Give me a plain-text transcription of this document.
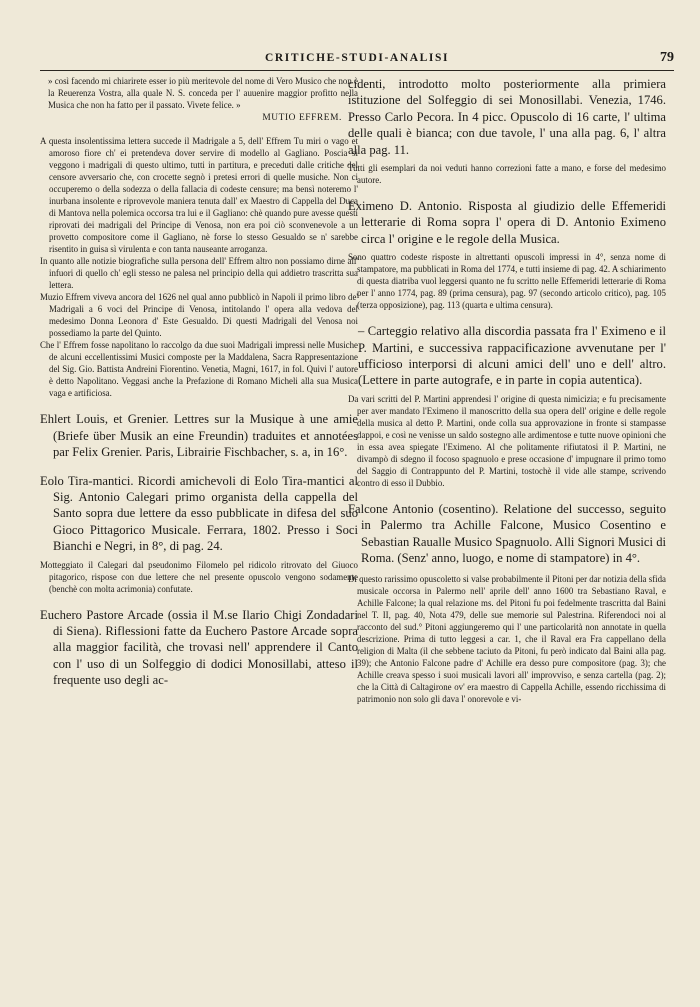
CRITICHE-STUDI-ANALISI	79

» così facendo mi chiarirete esser io più meritevole del nome di Vero Musico che non è la Reuerenza Vostra, alla quale N. S. conceda per l' auuenire maggior profitto nella Musica che non ha fatto per il passato. Vivete felice. »

MUTIO EFFREM.

A questa insolentissima lettera succede il Madrigale a 5, dell' Effrem Tu miri o vago et amoroso fiore ch' ei pretendeva dover servire di modello al Gagliano. Poscia si veggono i madrigali di questo ultimo, tutti in partitura, e preceduti dalle critiche del censore avversario che, con crocette segnò i pretesi errori di quelle musiche. Non ci occuperemo o della sodezza o della fallacia di codeste censure; ma bensì noteremo l' inurbana insolente e riprovevole maniera tenuta dall' ex Maestro di Cappella del Duca di Mantova nella polemica occorsa tra lui e il Gagliano: chè quando pure avesse questi riprovati dei madrigali del Principe di Venosa, non era poi ciò sconvenevole a un provetto compositore come il Gagliano, nè forse lo stesso Gesualdo se n' sarebbe risentito in guisa sì virulenta e con tanta nauseante arroganza.

In quanto alle notizie biografiche sulla persona dell' Effrem altro non possiamo dirne all' infuori di quello ch' egli stesso ne palesa nel principio della qui addietro trascritta sua lettera.

Muzio Effrem viveva ancora del 1626 nel qual anno pubblicò in Napoli il primo libro de' Madrigali a 6 voci del Principe di Venosa, intitolando l' opera alla vedova del medesimo Donna Leonora d' Este Gesualdo. Di questi Madrigali del Venosa noi possediamo la parte del Quinto.

Che l' Effrem fosse napolitano lo raccolgo da due suoi Madrigali impressi nelle Musiche de alcuni eccellentissimi Musici composte per la Maddalena, Sacra Rappresentazione del Sig. Gio. Battista Andreini Fiorentino. Venetia, Magni, 1617, in fol. Quivi l' autore è detto Napolitano. Veggasi anche la Prefazione di Romano Micheli alla sua Musica vaga e artificiosa.

Ehlert Louis, et Grenier. Lettres sur la Musique à une amie (Briefe über Musik an eine Freundin) traduites et annotées par Felix Grenier. Paris, Librairie Fischbacher, s. a, in 16°.

Eolo Tira-mantici. Ricordi amichevoli di Eolo Tira-mantici al Sig. Antonio Calegari primo organista della cappella del Santo sopra due lettere da esso pubblicate in difesa del suo Gioco Pittagorico Musicale. Ferrara, 1802. Presso i Soci Bianchi e Negri, in 8°, di pag. 24.

Motteggiato il Calegari dal pseudonimo Filomelo pel ridicolo ritrovato del Giuoco pitagorico, rispose con due lettere che nel presente opuscolo vengono sodamente (benchè con molta acrimonia) confutate.

Euchero Pastore Arcade (ossia il M.se Ilario Chigi Zondadari di Siena). Riflessioni fatte da Euchero Pastore Arcade sopra alla maggior facilità, che trovasi nell' apprendere il Canto con l' uso di un Solfeggio di dodici Monosillabi, atteso il frequente uso degli ac-

cidenti, introdotto molto posteriormente alla primiera istituzione del Solfeggio di sei Monosillabi. Venezia, 1746. Presso Carlo Pecora. In 4 picc. Opuscolo di 16 carte, l' ultima delle quali è bianca; con due tavole, l' una alla pag. 6, l' altra alla pag. 11.

Tutti gli esemplari da noi veduti hanno correzioni fatte a mano, e forse del medesimo autore.

Eximeno D. Antonio. Risposta al giudizio delle Effemeridi letterarie di Roma sopra l' opera di D. Antonio Eximeno circa l' origine e le regole della Musica.

Sono quattro codeste risposte in altrettanti opuscoli impressi in 4°, senza nome di stampatore, ma pubblicati in Roma del 1774, e tutti insieme di pag. 42. A schiarimento di questa diatriba vuol leggersi quanto ne fu scritto nelle Effemeridi letterarie di Roma per l' anno 1774, pag. 89 (prima censura), pag. 97 (secondo articolo critico), pag. 105 (terza opposizione), pag. 113 (quarta e ultima censura).

– Carteggio relativo alla discordia passata fra l' Eximeno e il P. Martini, e successiva rappacificazione avvenutane per l' ufficioso interporsi di alcuni amici dell' uno e dell' altro. (Lettere in parte autografe, e in parte in copia autentica).

Da vari scritti del P. Martini apprendesi l' origine di questa nimicizia; e fu precisamente per aver mandato l'Eximeno il manoscritto della sua opera dell' origine e delle regole della musica al detto P. Martini, onde colla sua approvazione in fronte si stampasse dappoi, e così ne venisse un saldo sostegno alle ardimentose e tutte nuove opinioni che in essa avea spiegate l'Eximeno. Al che politamente rifiutatosi il P. Martini, ne divampò di sdegno il focoso spagnuolo e prese occasione d' impugnare il primo tomo del Saggio di Contrappunto del P. Martini, tostochè il vide alle stampe, scrivendo contro di esso il Dubbio.

Falcone Antonio (cosentino). Relatione del successo, seguito in Palermo tra Achille Falcone, Musico Cosentino e Sebastian Raualle Musico Spagnuolo. Alli Signori Musici di Roma. (Senz' anno, luogo, e nome di stampatore) in 4°.

Di questo rarissimo opuscoletto si valse probabilmente il Pitoni per dar notizia della sfida musicale occorsa in Palermo nell' aprile dell' anno 1600 tra Sebastiano Raval, e Achille Falcone; la qual relazione ms. del Pitoni fu poi fedelmente trascritta dal Baini nel T. II, pag. 40, Nota 479, delle sue memorie sul Palestrina. Riferendoci noi al racconto del sud.° Pitoni aggiungeremo qui l' une particolarità non annotate in quella descrizione. Prima di tutto leggesi a car. 1, che il Raval era Fra cappellano della religion di Malta (il che sebbene taciuto da Pitoni, fu però indicato dal Baini alla pag. 39); che Antonio Falcone padre d' Achille era desso pure compositore (pag. 3); che Achille creava spesso i suoi musicali lavori all' improvviso, e senza cartella (pag. 2); che la Città di Caltagirone ov' era maestro di Cappella Achille, essendo ricchissima di patrimonio non solo gli dava l' onorevole e vi-
